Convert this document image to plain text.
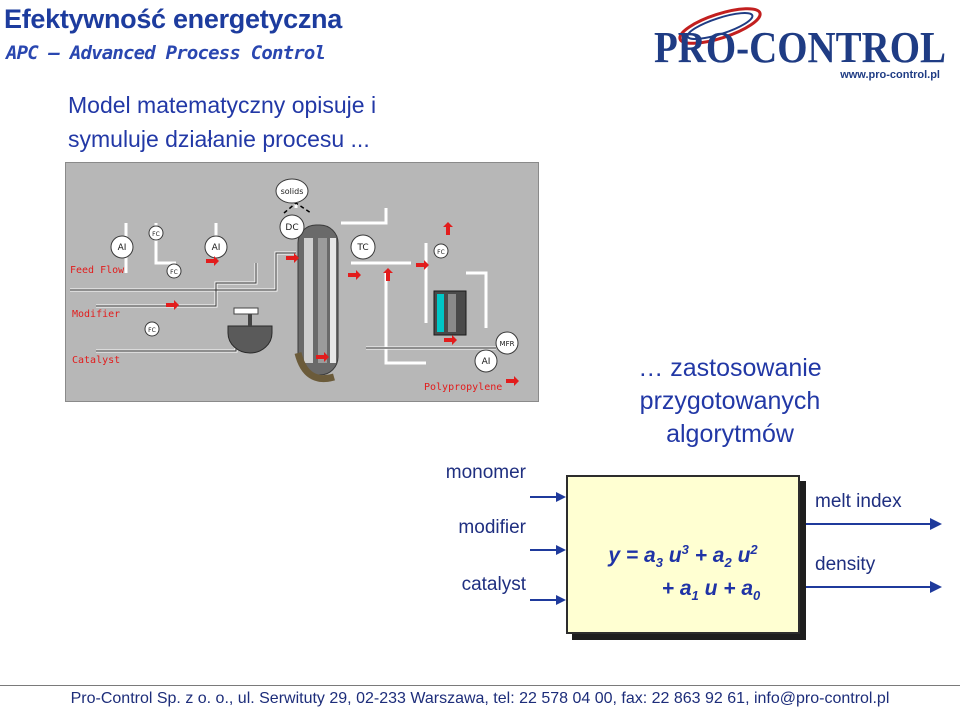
Efektywność energetyczna
APC – Advanced Process Control	PRO-CONTROL
www.pro-control.pl
Model matematyczny opisuje i
symuluje działanie procesu ...
solids
DC
TC
AI	AI
AI
FC
FC
FC
FC
MFR
Feed Flow
Modifier
Catalyst
Polypropylene
… zastosowanie
przygotowanych
algorytmów
monomer
modifier
catalyst
$y = a_3$ $u^3 + a_2$ $u^2$
+ $a_1$ $u + a_0$
melt index
density
Pro-Control Sp. z o. o., ul. Serwituty 29, 02-233 Warszawa, tel: 22 578 04 00, fax: 22 863 92 61, info@pro-control.pl
